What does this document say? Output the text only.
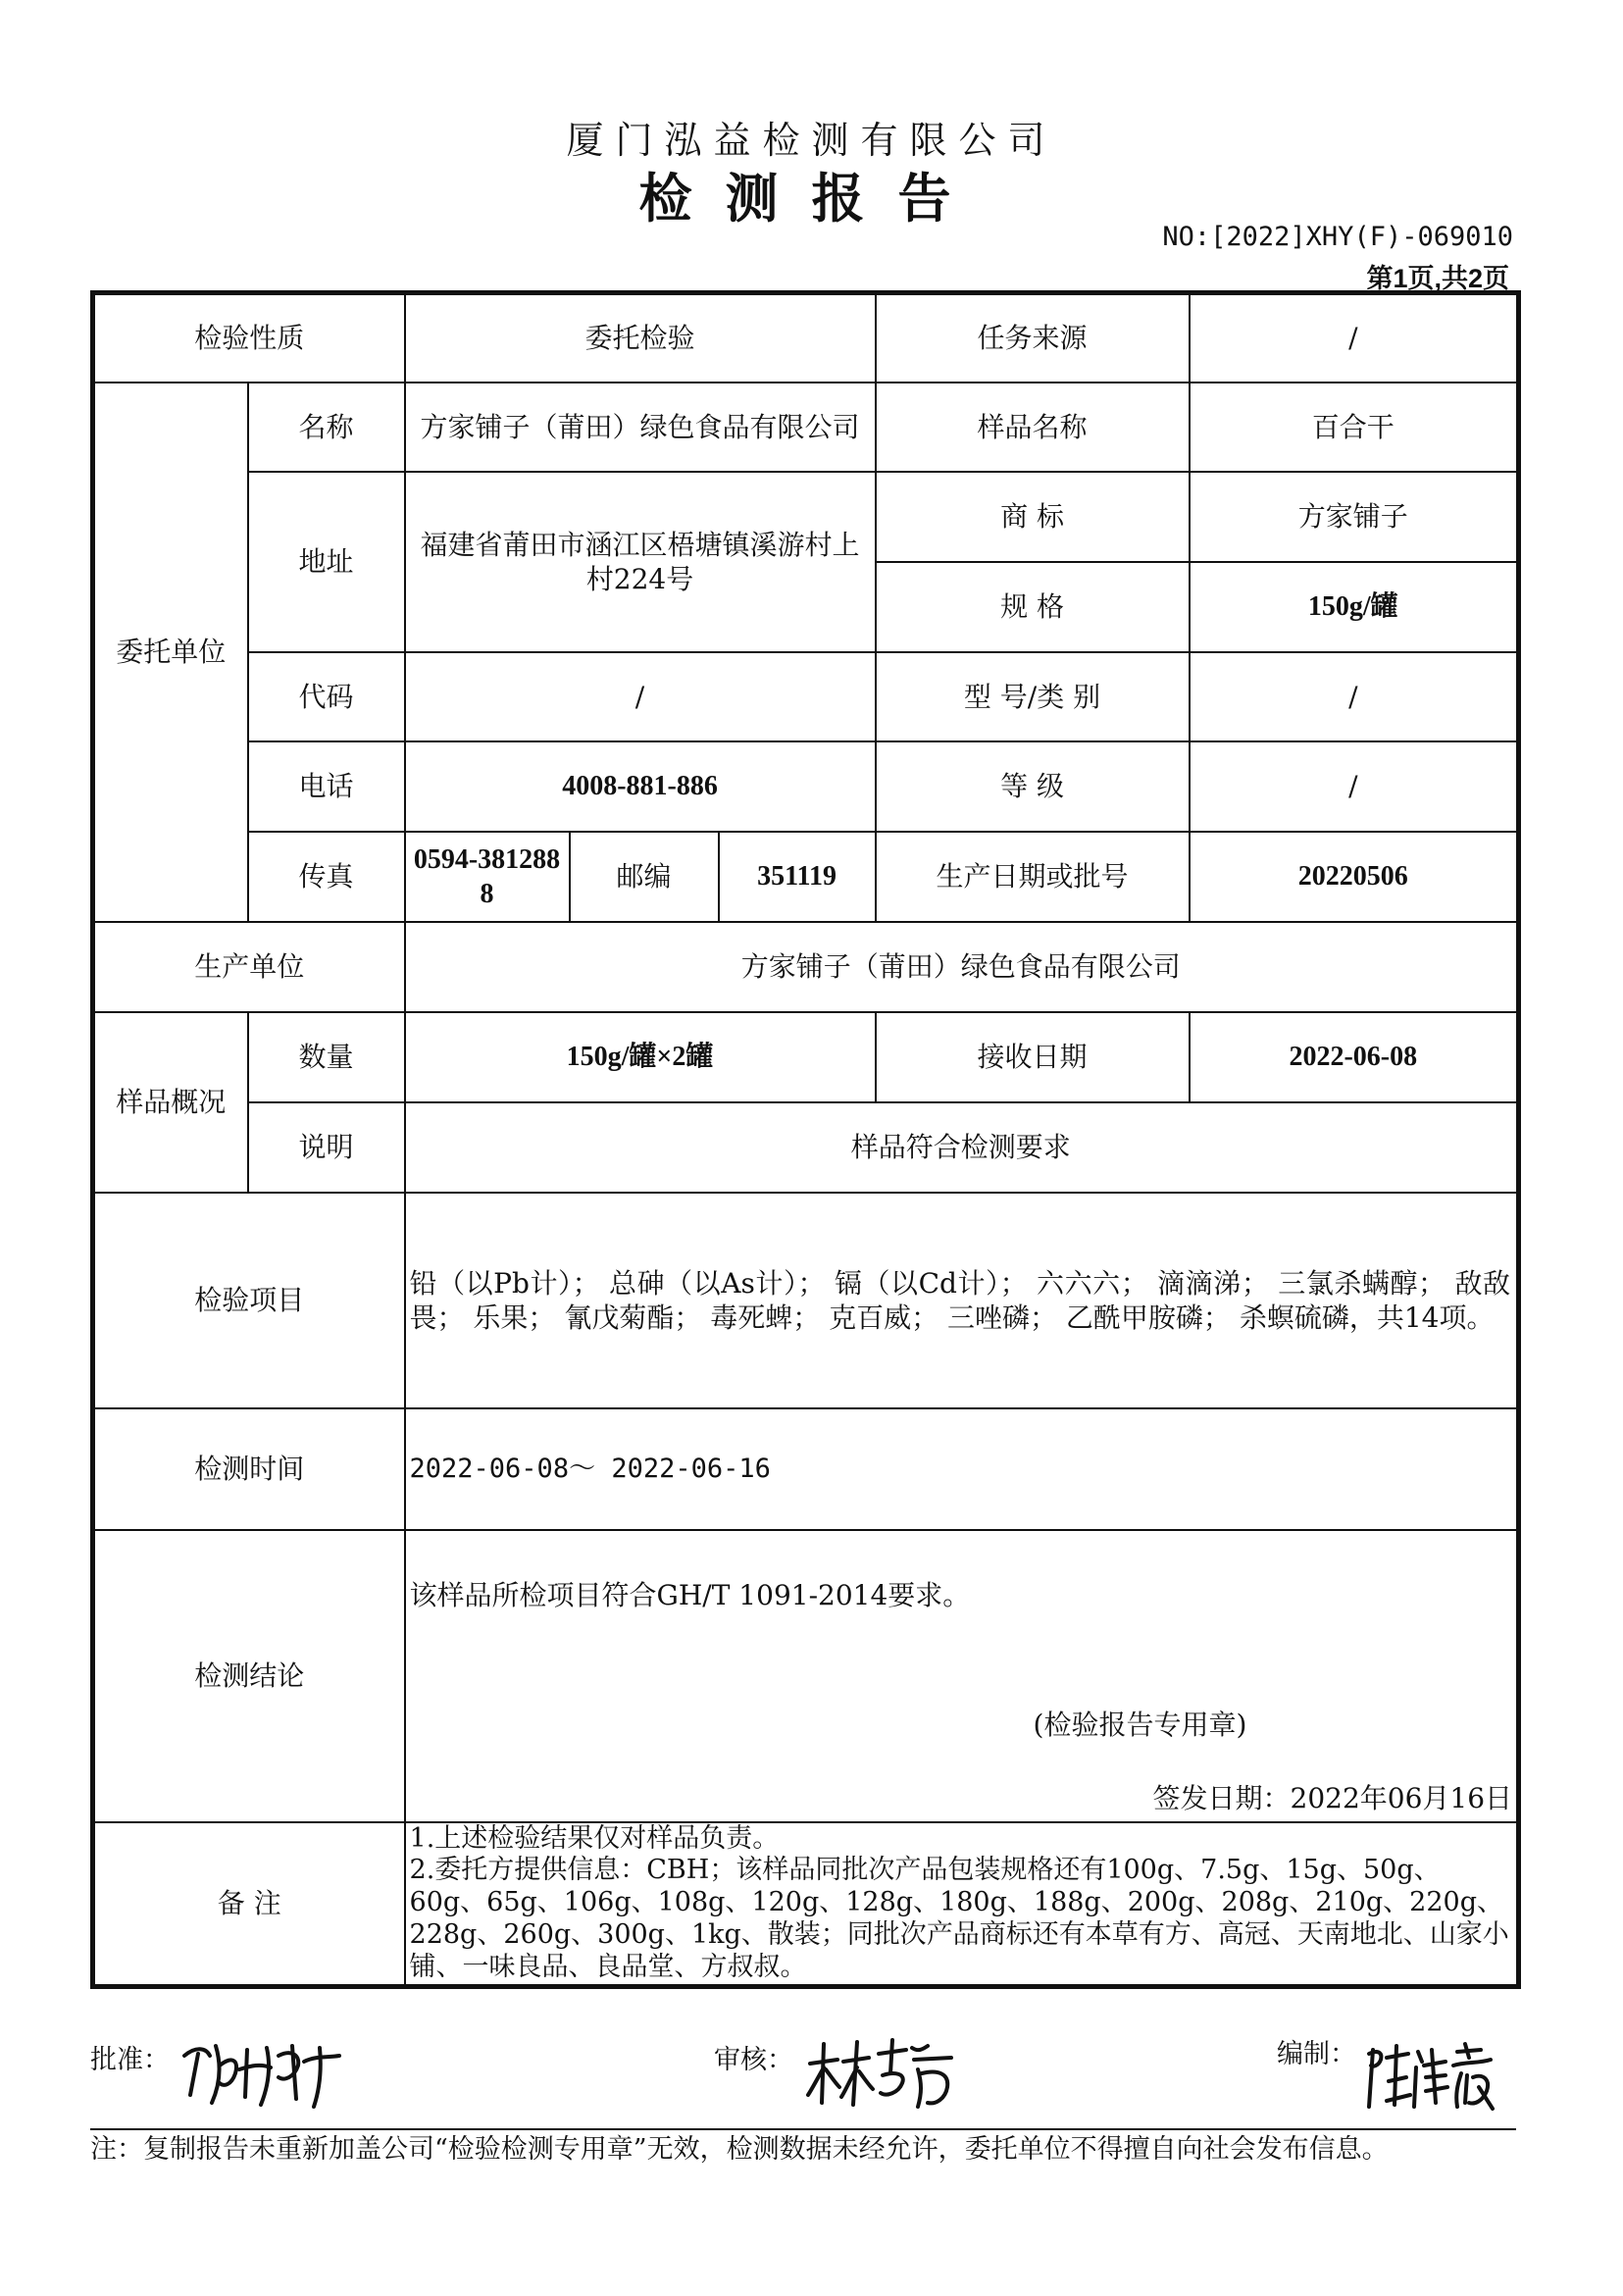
厦门泓益检测有限公司
检测报告
NO:[2022]XHY(F)-069010
第1页,共2页
检验性质		委托检验			任务来源	/
委托单位	名称	方家铺子（莆田）绿色食品有限公司			样品名称	百合干
	地址	福建省莆田市涵江区梧塘镇溪游村上村224号			商 标	方家铺子
					规 格	150g/罐
	代码	/			型 号/类 别	/
	电话	4008-881-886			等 级	/
	传真	0594-3812888	邮编	351119	生产日期或批号	20220506
生产单位		方家铺子（莆田）绿色食品有限公司				
样品概况	数量	150g/罐×2罐			接收日期	2022-06-08
	说明	样品符合检测要求				
检验项目		铅（以Pb计）； 总砷（以As计）； 镉（以Cd计）； 六六六； 滴滴涕； 三氯杀螨醇； 敌敌畏； 乐果； 氰戊菊酯； 毒死蜱； 克百威； 三唑磷； 乙酰甲胺磷； 杀螟硫磷，共14项。				
检测时间		2022-06-08～ 2022-06-16				
检测结论		该样品所检项目符合GH/T 1091-2014要求。
(检验报告专用章)
签发日期：2022年06月16日				

备 注		1.上述检验结果仅对样品负责。
2.委托方提供信息：CBH；该样品同批次产品包装规格还有100g、7.5g、15g、50g、60g、65g、106g、108g、120g、128g、180g、188g、200g、208g、210g、220g、228g、260g、300g、1kg、散装；同批次产品商标还有本草有方、高冠、天南地北、山家小铺、一味良品、良品堂、方叔叔。				
批准：	审核：	编制：
注：复制报告未重新加盖公司“检验检测专用章”无效，检测数据未经允许，委托单位不得擅自向社会发布信息。
